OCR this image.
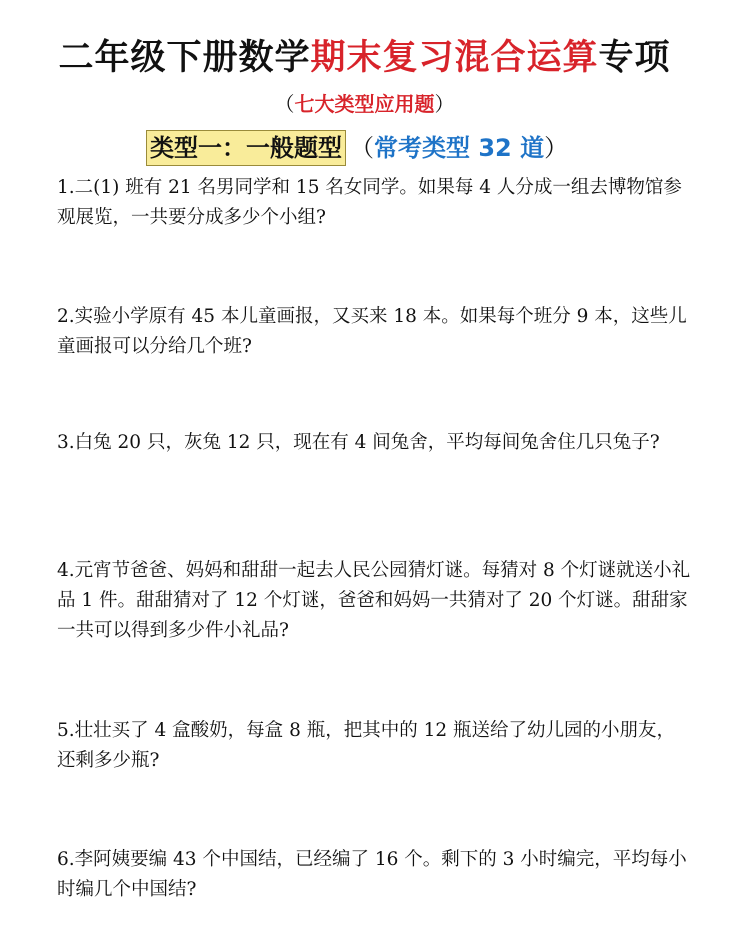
二年级下册数学期末复习混合运算专项
（七大类型应用题）
类型一：一般题型 （常考类型 32 道）
1.二(1) 班有 21 名男同学和 15 名女同学。如果每 4 人分成一组去博物馆参观展览，一共要分成多少个小组?
2.实验小学原有 45 本儿童画报，又买来 18 本。如果每个班分 9 本，这些儿童画报可以分给几个班?
3.白兔 20 只，灰兔 12 只，现在有 4 间兔舍，平均每间兔舍住几只兔子?
4.元宵节爸爸、妈妈和甜甜一起去人民公园猜灯谜。每猜对 8 个灯谜就送小礼品 1 件。甜甜猜对了 12 个灯谜，爸爸和妈妈一共猜对了 20 个灯谜。甜甜家一共可以得到多少件小礼品?
5.壮壮买了 4 盒酸奶，每盒 8 瓶，把其中的 12 瓶送给了幼儿园的小朋友，还剩多少瓶?
6.李阿姨要编 43 个中国结，已经编了 16 个。剩下的 3 小时编完，平均每小时编几个中国结?
